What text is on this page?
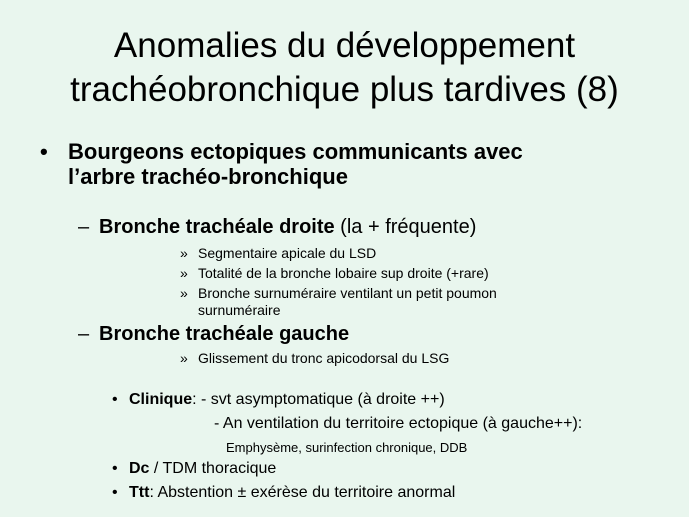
Anomalies du développement
trachéobronchique plus tardives (8)
• Bourgeons ectopiques communicants avec
l’arbre trachéo-bronchique
– Bronche trachéale droite (la + fréquente)
» Segmentaire apicale du LSD
» Totalité de la bronche lobaire sup droite (+rare)
» Bronche surnuméraire ventilant un petit poumon
surnuméraire
– Bronche trachéale gauche
» Glissement du tronc apicodorsal du LSG
• Clinique: - svt asymptomatique (à droite ++)
- An ventilation du territoire ectopique (à gauche++):
Emphysème, surinfection chronique, DDB
• Dc / TDM thoracique
• Ttt: Abstention ± exérèse du territoire anormal
